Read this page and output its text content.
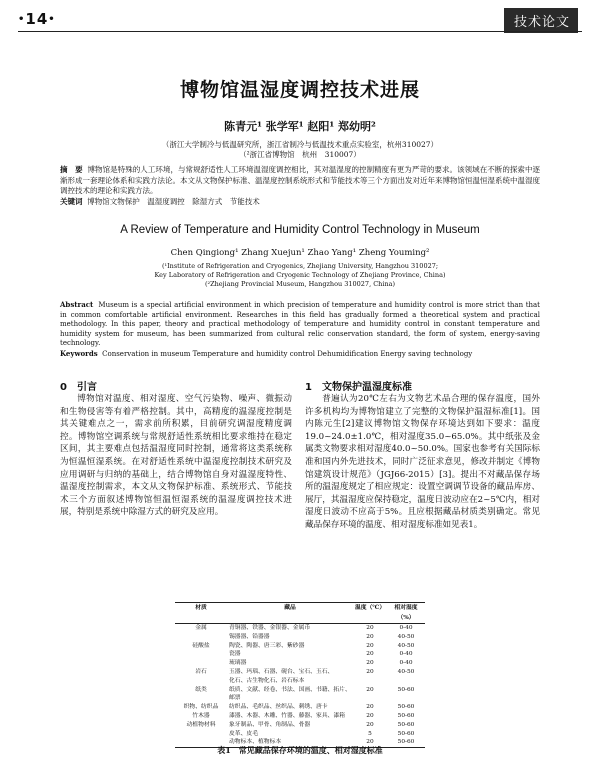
•14•	技术论文
博物馆温湿度调控技术进展
陈青元¹ 张学军¹ 赵阳¹ 郑幼明²
（浙江大学制冷与低温研究所，浙江省制冷与低温技术重点实验室，杭州310027）
（²浙江省博物馆　杭州　310007）
摘　要 博物馆是特殊的人工环境，与常规舒适性人工环境温湿度调控相比，其对温湿度的控制精度有更为严苛的要求。该领域在不断的探索中逐渐形成一套理论体系和实践方法论。本文从文物保护标准、温湿度控制系统形式和节能技术等三个方面出发对近年来博物馆恒温恒湿系统中温湿度调控技术的理论和实践方法。
关键词 博物馆文物保护　温湿度调控　除湿方式　节能技术
A Review of Temperature and Humidity Control Technology in Museum
Chen Qingiong¹ Zhang Xuejun¹ Zhao Yang¹ Zheng Youming²
(¹Institute of Refrigeration and Cryogenics, Zhejiang University, Hangzhou 310027;
Key Laboratory of Refrigeration and Cryogenic Technology of Zhejiang Province, China)
(²Zhejiang Provincial Museum, Hangzhou 310027, China)
Abstract Museum is a special artificial environment in which precision of temperature and humidity control is more strict than that in common comfortable artificial environment. Researches in this field has gradually formed a theoretical system and practical methodology. In this paper, theory and practical methodology of temperature and humidity control in constant temperature and humidity system for museum, has been summarized from cultural relic conservation standard, the form of system, energy-saving technology.
Keywords Conservation in museum Temperature and humidity control Dehumidification Energy saving technology
0　引言
博物馆对温度、相对湿度、空气污染物、噪声、微振动和生物侵害等有着严格控制。其中，高精度的温湿度控制是其关键难点之一，需求前所积累，目前研究调湿度精度调控。博物馆空调系统与常规舒适性系统相比要求维持在稳定区间，其主要难点包括温湿度同时控制，通常将这类系统称为恒温恒湿系统。在对舒适性系统中温湿度控制技术研究及应用调研与归纳的基础上，结合博物馆自身对温湿度特性、温湿度控制需求，本文从文物保护标准、系统形式、节能技术三个方面叙述博物馆恒温恒湿系统的温湿度调控技术进展，特别是系统中除湿方式的研究及应用。
1　文物保护温湿度标准
普遍认为20℃左右为文物艺术品合理的保存温度，国外许多机构均为博物馆建立了完整的文物保护温湿标准[1]。国内陈元生[2]建议博物馆文物保存环境达到如下要求：温度19.0~24.0±1.0℃，相对湿度35.0~65.0%。其中纸张及金属类文物要求相对湿度40.0~50.0%。国家也参考有关国际标准和国内外先进技术，同时广泛征求意见，修改并制定《博物馆建筑设计规范》（JGJ66-2015）[3]。提出不对藏品保存场所的温湿度规定了相应规定：设置空调调节设备的藏品库房、展厅，其温湿度应保持稳定，温度日波动应在2~5℃内，相对湿度日波动不应高于5%。且应根据藏品材质类别确定。常见藏品保存环境的温度、相对湿度标准如见表1。
材质	藏品	温度（℃）	相对湿度（%）
金属	青铜器、铁器、金银器、金属币	20	0-40
	锡器器、铅器器	20	40-50
硅酸盐	陶瓷、陶器、唐三彩、紫砂器	20	40-50
	瓷器	20	0-40
	琉璃器	20	0-40
岩石	玉器、玛瑙、石器、砚台、宝石、玉石、	20	40-50
	化石、古生物化石、岩石标本		
纸类	纸质、文献、经卷、书法、国画、书籍、拓片、邮票	20	50-60
织物、纺织品	纺织品、毛织品、丝织品、刺绣、唐卡	20	50-60
竹木器	漆器、木器、木雕、竹器、藤器、家具、漆箱	20	50-60
动植物材料	象牙制品、甲骨、角制品、骨器	20	50-60
	皮革、皮毛	5	50-60
	动物标本、植物标本	20	50-60
表1　常见藏品保存环境的温度、相对湿度标准
